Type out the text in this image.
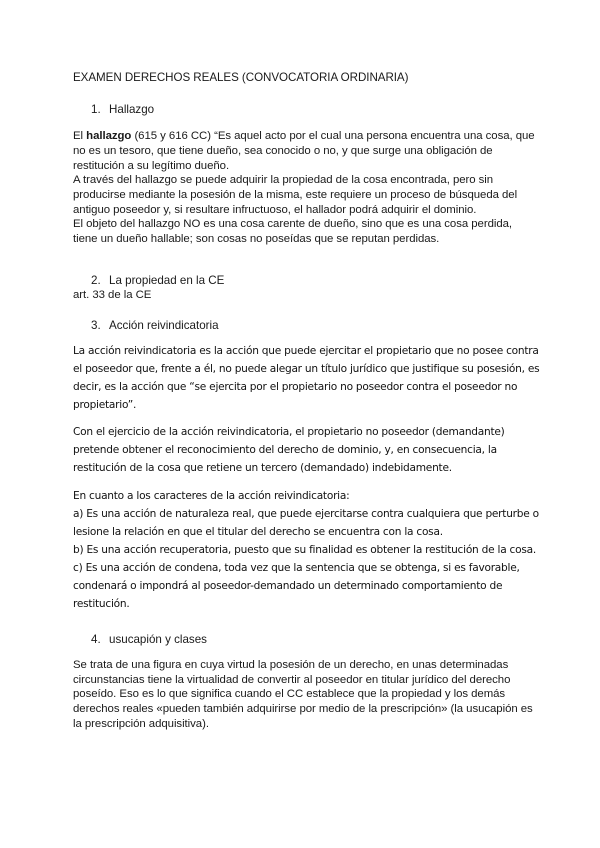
EXAMEN DERECHOS REALES (CONVOCATORIA ORDINARIA)
1. Hallazgo
El hallazgo (615 y 616 CC) “Es aquel acto por el cual una persona encuentra una cosa, que
no es un tesoro, que tiene dueño, sea conocido o no, y que surge una obligación de
restitución a su legítimo dueño.
A través del hallazgo se puede adquirir la propiedad de la cosa encontrada, pero sin
producirse mediante la posesión de la misma, este requiere un proceso de búsqueda del
antiguo poseedor y, si resultare infructuoso, el hallador podrá adquirir el dominio.
El objeto del hallazgo NO es una cosa carente de dueño, sino que es una cosa perdida,
tiene un dueño hallable; son cosas no poseídas que se reputan perdidas.
2. La propiedad en la CE
art. 33 de la CE
3. Acción reivindicatoria
La acción reivindicatoria es la acción que puede ejercitar el propietario que no posee contra
el poseedor que, frente a él, no puede alegar un título jurídico que justifique su posesión, es
decir, es la acción que “se ejercita por el propietario no poseedor contra el poseedor no
propietario”.
Con el ejercicio de la acción reivindicatoria, el propietario no poseedor (demandante)
pretende obtener el reconocimiento del derecho de dominio, y, en consecuencia, la
restitución de la cosa que retiene un tercero (demandado) indebidamente.
En cuanto a los caracteres de la acción reivindicatoria:
a) Es una acción de naturaleza real, que puede ejercitarse contra cualquiera que perturbe o
lesione la relación en que el titular del derecho se encuentra con la cosa.
b) Es una acción recuperatoria, puesto que su finalidad es obtener la restitución de la cosa.
c) Es una acción de condena, toda vez que la sentencia que se obtenga, si es favorable,
condenará o impondrá al poseedor-demandado un determinado comportamiento de
restitución.
4. usucapión y clases
Se trata de una figura en cuya virtud la posesión de un derecho, en unas determinadas
circunstancias tiene la virtualidad de convertir al poseedor en titular jurídico del derecho
poseído. Eso es lo que significa cuando el CC establece que la propiedad y los demás
derechos reales «pueden también adquirirse por medio de la prescripción» (la usucapión es
la prescripción adquisitiva).
